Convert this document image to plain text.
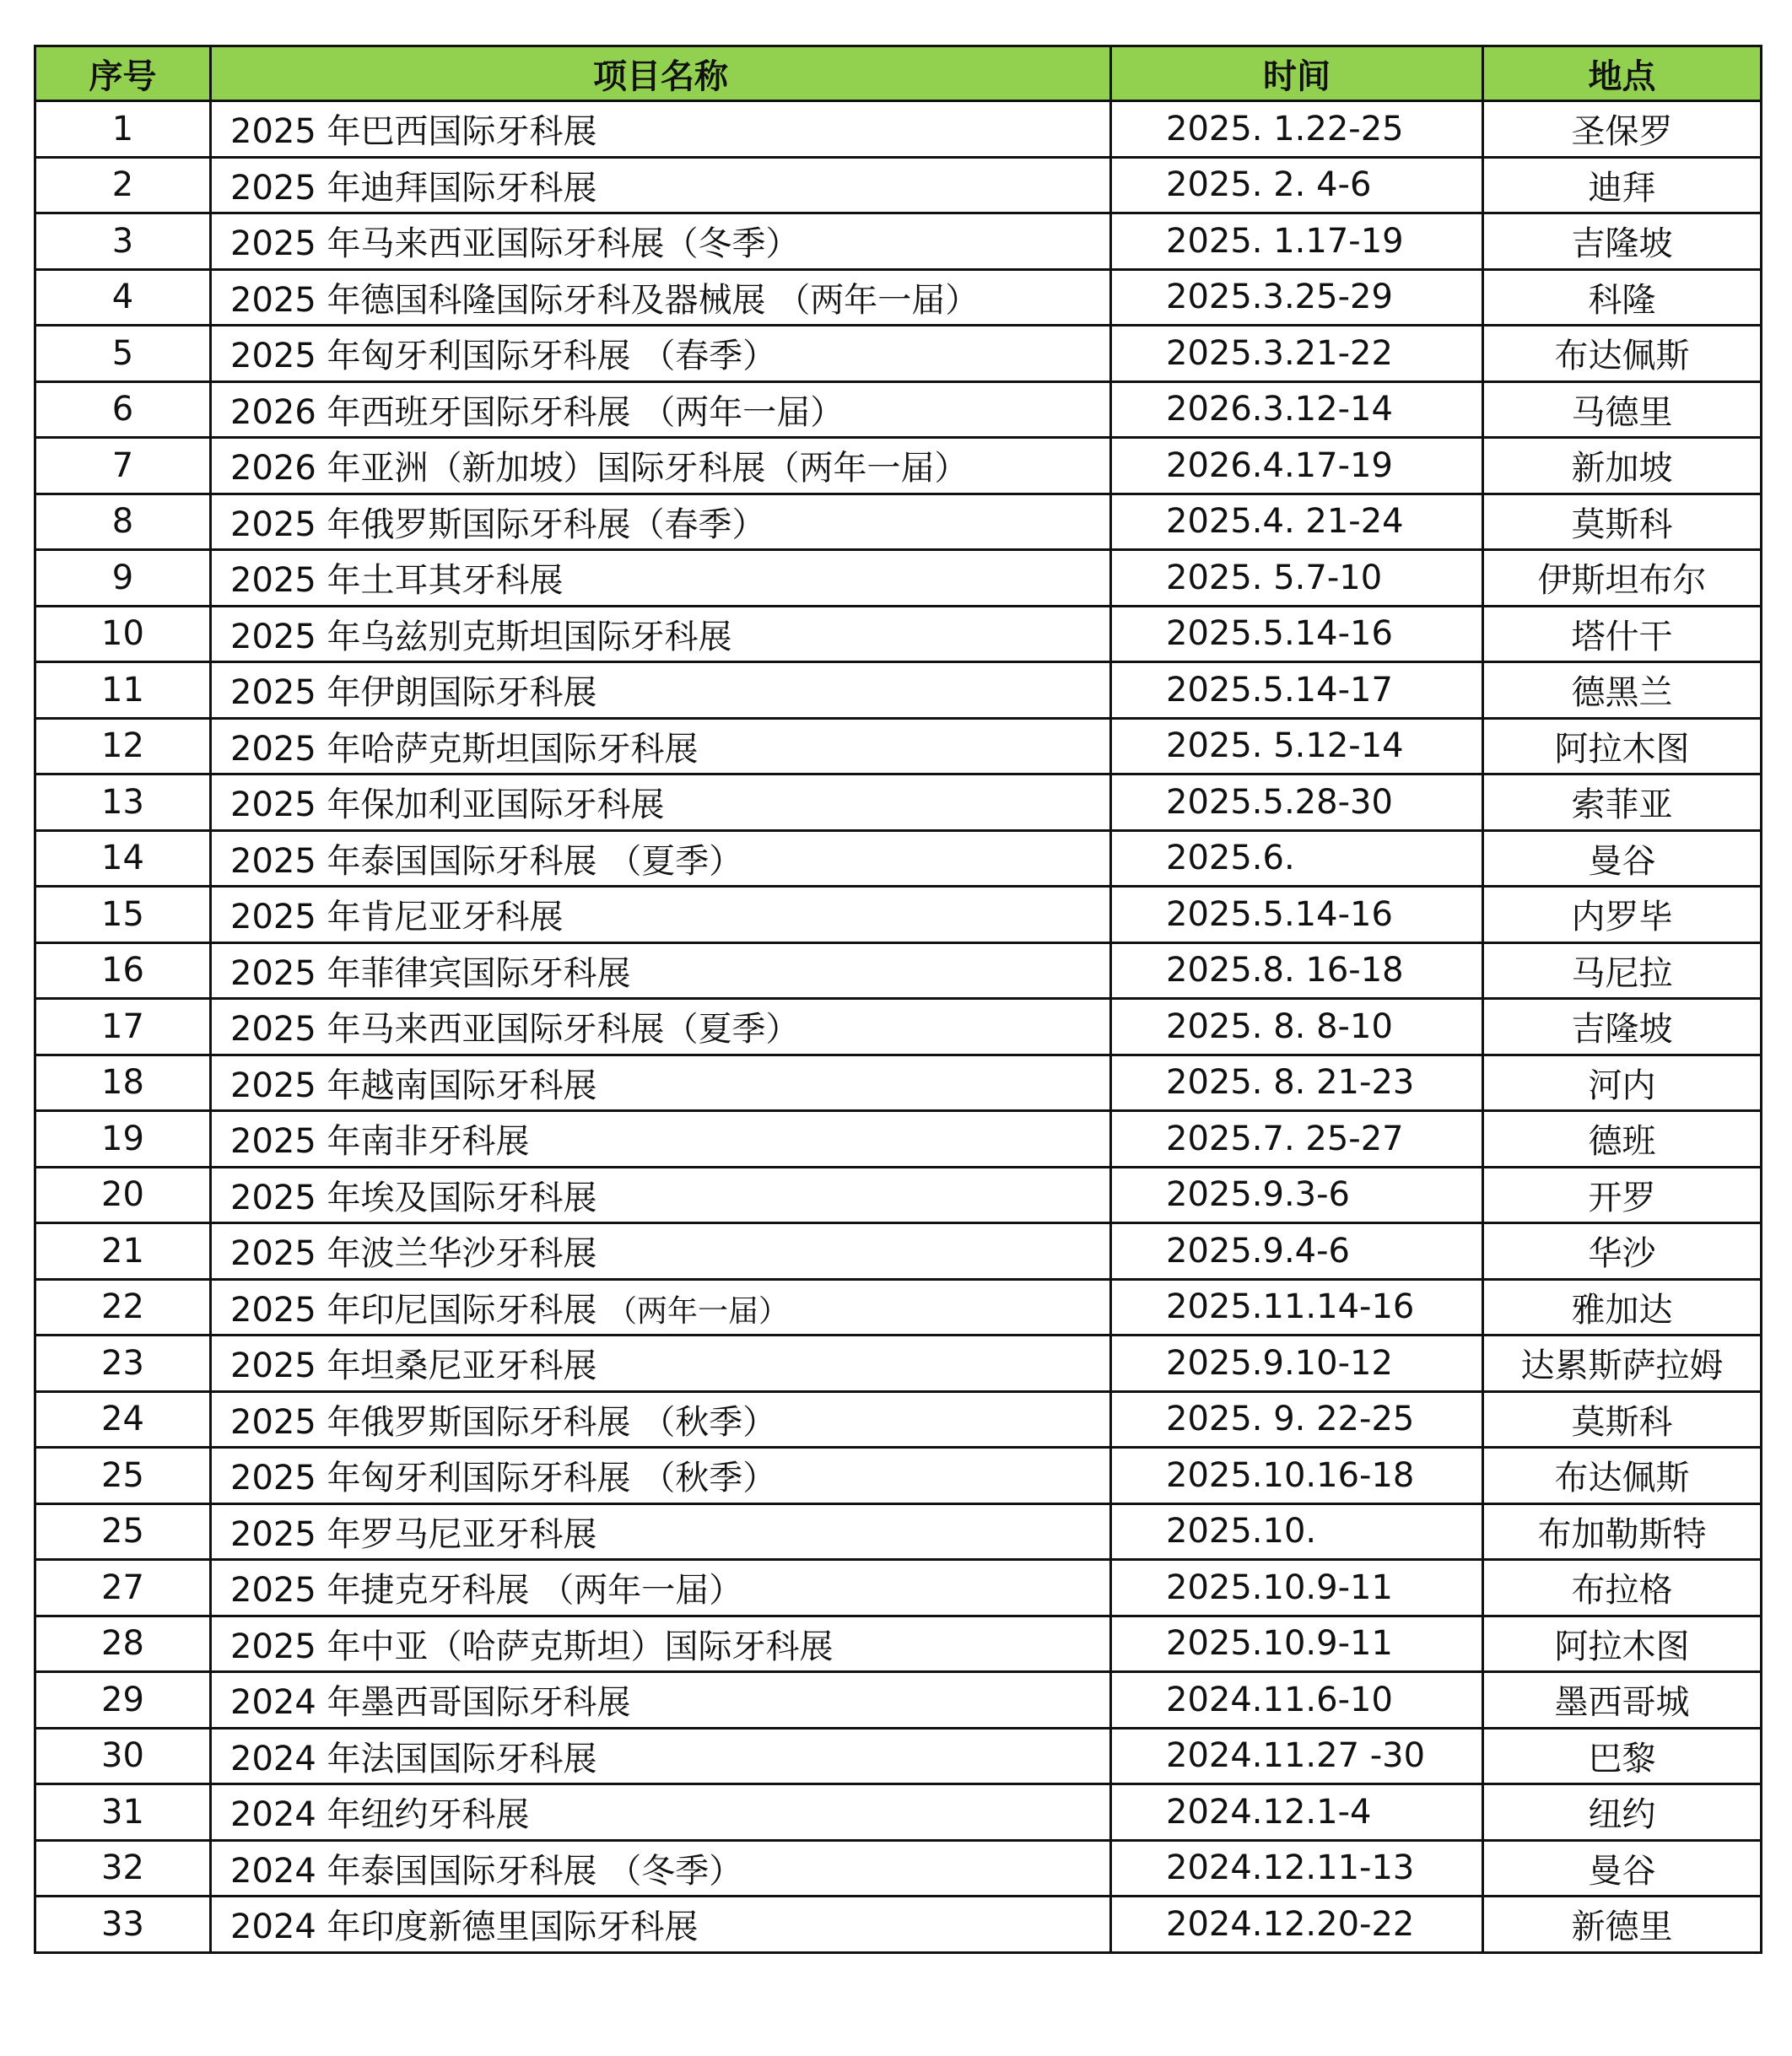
序号	项目名称	时间	地点
1	2025 年巴西国际牙科展	2025. 1.22-25	圣保罗
2	2025 年迪拜国际牙科展	2025. 2. 4-6	迪拜
3	2025 年马来西亚国际牙科展（冬季）	2025. 1.17-19	吉隆坡
4	2025 年德国科隆国际牙科及器械展 （两年一届）	2025.3.25-29	科隆
5	2025 年匈牙利国际牙科展 （春季）	2025.3.21-22	布达佩斯
6	2026 年西班牙国际牙科展 （两年一届）	2026.3.12-14	马德里
7	2026 年亚洲（新加坡）国际牙科展（两年一届）	2026.4.17-19	新加坡
8	2025 年俄罗斯国际牙科展（春季）	2025.4. 21-24	莫斯科
9	2025 年土耳其牙科展	2025. 5.7-10	伊斯坦布尔
10	2025 年乌兹别克斯坦国际牙科展	2025.5.14-16	塔什干
11	2025 年伊朗国际牙科展	2025.5.14-17	德黑兰
12	2025 年哈萨克斯坦国际牙科展	2025. 5.12-14	阿拉木图
13	2025 年保加利亚国际牙科展	2025.5.28-30	索菲亚
14	2025 年泰国国际牙科展 （夏季）	2025.6.	曼谷
15	2025 年肯尼亚牙科展	2025.5.14-16	内罗毕
16	2025 年菲律宾国际牙科展	2025.8. 16-18	马尼拉
17	2025 年马来西亚国际牙科展（夏季）	2025. 8. 8-10	吉隆坡
18	2025 年越南国际牙科展	2025. 8. 21-23	河内
19	2025 年南非牙科展	2025.7. 25-27	德班
20	2025 年埃及国际牙科展	2025.9.3-6	开罗
21	2025 年波兰华沙牙科展	2025.9.4-6	华沙
22	2025 年印尼国际牙科展 （两年一届）	2025.11.14-16	雅加达
23	2025 年坦桑尼亚牙科展	2025.9.10-12	达累斯萨拉姆
24	2025 年俄罗斯国际牙科展 （秋季）	2025. 9. 22-25	莫斯科
25	2025 年匈牙利国际牙科展 （秋季）	2025.10.16-18	布达佩斯
25	2025 年罗马尼亚牙科展	2025.10.	布加勒斯特
27	2025 年捷克牙科展 （两年一届）	2025.10.9-11	布拉格
28	2025 年中亚（哈萨克斯坦）国际牙科展	2025.10.9-11	阿拉木图
29	2024 年墨西哥国际牙科展	2024.11.6-10	墨西哥城
30	2024 年法国国际牙科展	2024.11.27 -30	巴黎
31	2024 年纽约牙科展	2024.12.1-4	纽约
32	2024 年泰国国际牙科展 （冬季）	2024.12.11-13	曼谷
33	2024 年印度新德里国际牙科展	2024.12.20-22	新德里
